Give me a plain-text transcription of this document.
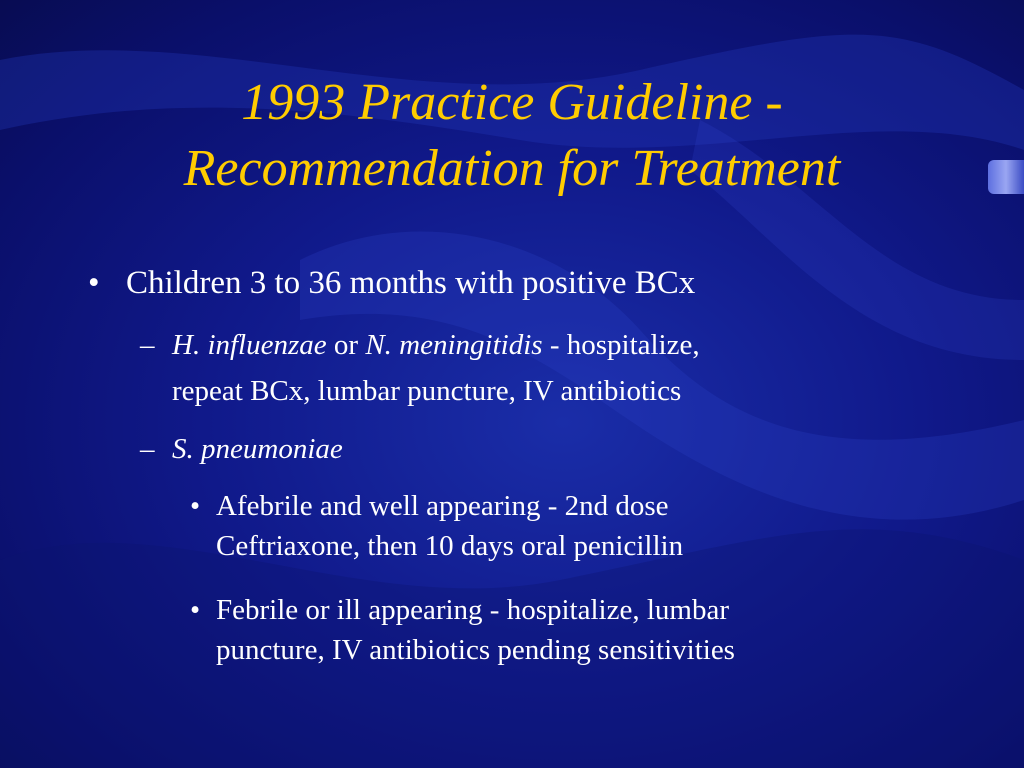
1993 Practice Guideline -
Recommendation for Treatment
• Children 3 to 36 months with positive BCx
– H. influenzae or N. meningitidis - hospitalize,
repeat BCx, lumbar puncture, IV antibiotics
– S. pneumoniae
• Afebrile and well appearing - 2nd dose
Ceftriaxone, then 10 days oral penicillin
• Febrile or ill appearing - hospitalize, lumbar
puncture, IV antibiotics pending sensitivities
